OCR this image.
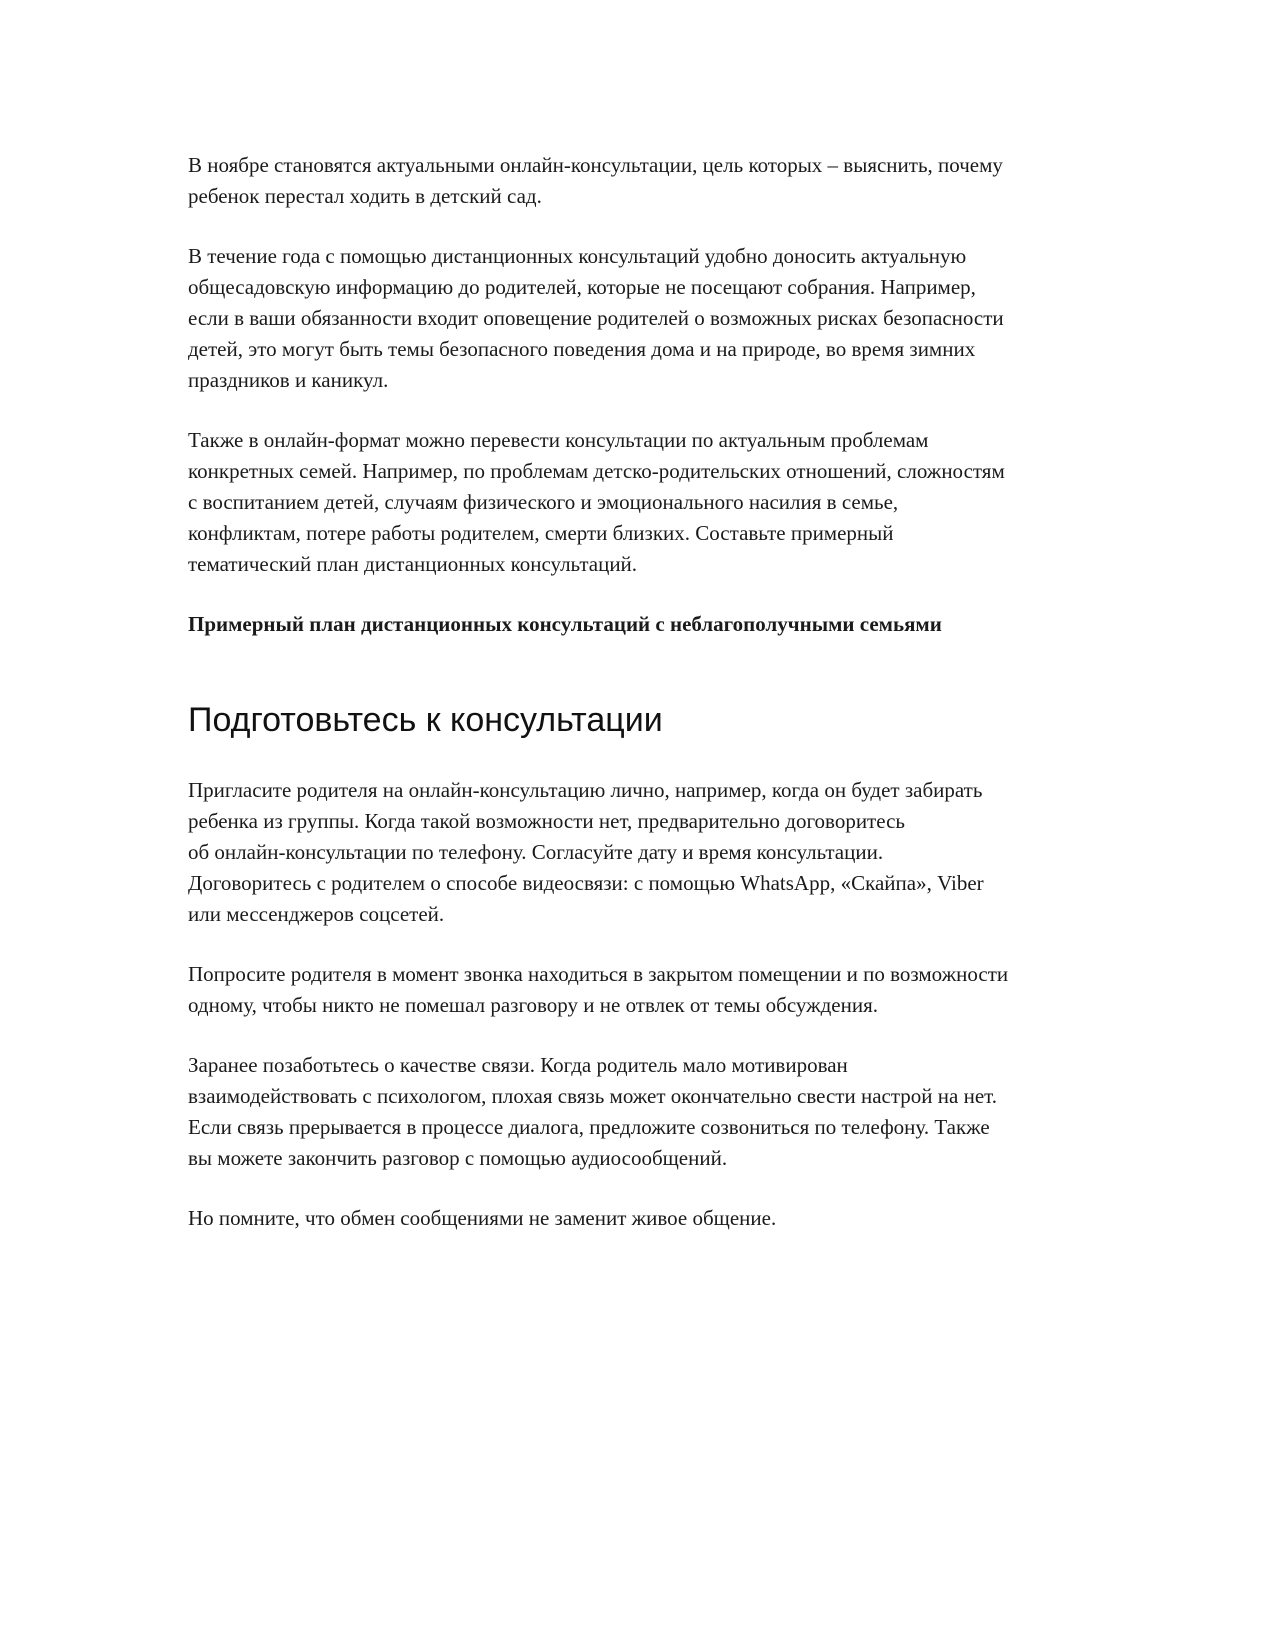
В ноябре становятся актуальными онлайн-консультации, цель которых – выяснить, почему
ребенок перестал ходить в детский сад.
В течение года с помощью дистанционных консультаций удобно доносить актуальную
общесадовскую информацию до родителей, которые не посещают собрания. Например,
если в ваши обязанности входит оповещение родителей о возможных рисках безопасности
детей, это могут быть темы безопасного поведения дома и на природе, во время зимних
праздников и каникул.
Также в онлайн-формат можно перевести консультации по актуальным проблемам
конкретных семей. Например, по проблемам детско-родительских отношений, сложностям
с воспитанием детей, случаям физического и эмоционального насилия в семье,
конфликтам, потере работы родителем, смерти близких. Составьте примерный
тематический план дистанционных консультаций.
Примерный план дистанционных консультаций с неблагополучными семьями
Подготовьтесь к консультации
Пригласите родителя на онлайн-консультацию лично, например, когда он будет забирать
ребенка из группы. Когда такой возможности нет, предварительно договоритесь
об онлайн-консультации по телефону. Согласуйте дату и время консультации.
Договоритесь с родителем о способе видеосвязи: с помощью WhatsApp, «Скайпа», Viber
или мессенджеров соцсетей.
Попросите родителя в момент звонка находиться в закрытом помещении и по возможности
одному, чтобы никто не помешал разговору и не отвлек от темы обсуждения.
Заранее позаботьтесь о качестве связи. Когда родитель мало мотивирован
взаимодействовать с психологом, плохая связь может окончательно свести настрой на нет.
Если связь прерывается в процессе диалога, предложите созвониться по телефону. Также
вы можете закончить разговор с помощью аудиосообщений.
Но помните, что обмен сообщениями не заменит живое общение.
